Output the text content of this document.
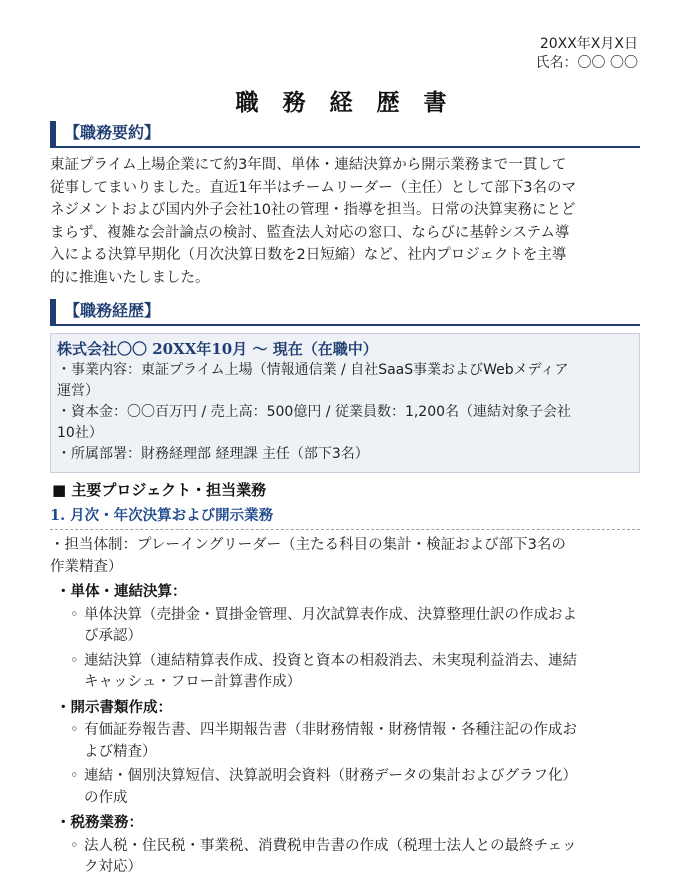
20XX年X月X日
氏名：〇〇 〇〇
職 務 経 歴 書
【職務要約】

東証プライム上場企業にて約3年間、単体・連結決算から開示業務まで一貫して

従事してまいりました。直近1年半はチームリーダー（主任）として部下3名のマ

ネジメントおよび国内外子会社10社の管理・指導を担当。日常の決算実務にとど

まらず、複雑な会計論点の検討、監査法人対応の窓口、ならびに基幹システム導

入による決算早期化（月次決算日数を2日短縮）など、社内プロジェクトを主導

的に推進いたしました。

【職務経歴】
株式会社〇〇 20XX年10月 〜 現在（在職中）
・事業内容：東証プライム上場（情報通信業 / 自社SaaS事業およびWebメディア
運営）
・資本金：〇〇百万円 / 売上高：500億円 / 従業員数：1,200名（連結対象子会社
10社）
・所属部署：財務経理部 経理課 主任（部下3名）
■ 主要プロジェクト・担当業務
1. 月次・年次決算および開示業務
・担当体制：プレーイングリーダー（主たる科目の集計・検証および部下3名の
作業精査）
・単体・連結決算：
◦ 単体決算（売掛金・買掛金管理、月次試算表作成、決算整理仕訳の作成およ
び承認）
◦ 連結決算（連結精算表作成、投資と資本の相殺消去、未実現利益消去、連結
キャッシュ・フロー計算書作成）
・開示書類作成：
◦ 有価証券報告書、四半期報告書（非財務情報・財務情報・各種注記の作成お
よび精査）
◦ 連結・個別決算短信、決算説明会資料（財務データの集計およびグラフ化）
の作成
・税務業務：
◦ 法人税・住民税・事業税、消費税申告書の作成（税理士法人との最終チェッ
ク対応）
